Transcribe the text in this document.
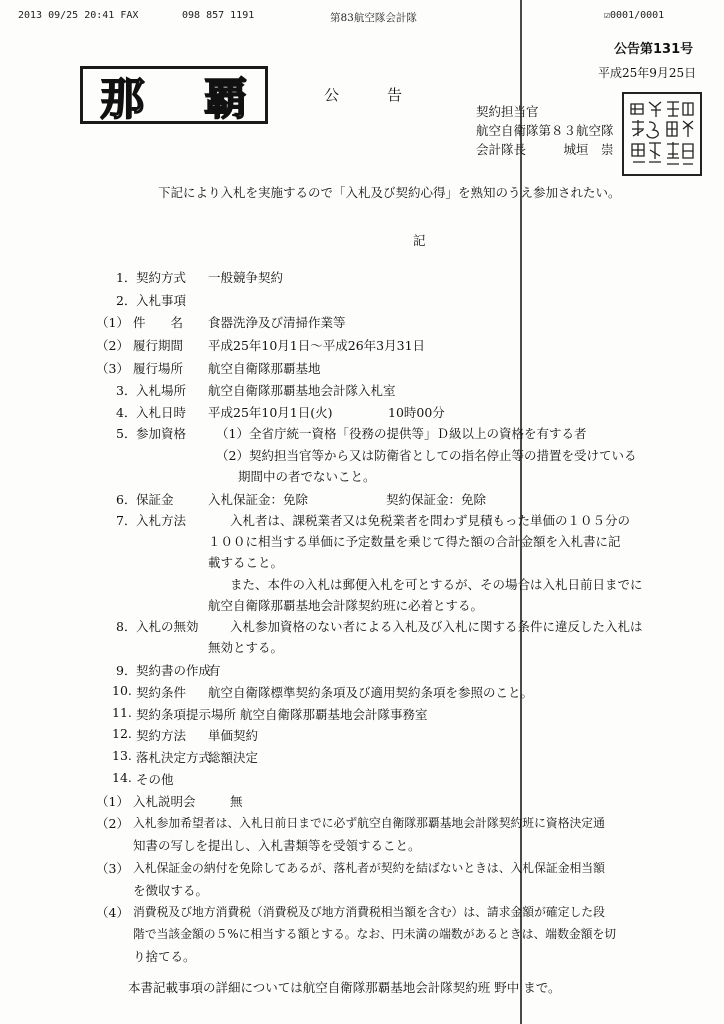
2013 09/25 20:41 FAX	098 857 1191	第83航空隊会計隊	☑0001/0001
公告第131号
平成25年9月25日
那 覇	公　　告
契約担当官
航空自衛隊第８３航空隊
会計隊長　　　城垣　崇
下記により入札を実施するので「入札及び契約心得」を熟知のうえ参加されたい。
記
1． 契約方式 一般競争契約
2． 入札事項
（1） 件　　名 食器洗浄及び清掃作業等
（2） 履行期間 平成25年10月1日～平成26年3月31日
（3） 履行場所 航空自衛隊那覇基地
3． 入札場所 航空自衛隊那覇基地会計隊入札室
4． 入札日時 平成25年10月1日(火)	10時00分
5． 参加資格 （1）全省庁統一資格「役務の提供等」Ｄ級以上の資格を有する者
（2）契約担当官等から又は防衛省としての指名停止等の措置を受けている
期間中の者でないこと。
6． 保証金	入札保証金：免除	契約保証金：免除
7． 入札方法	入札者は、課税業者又は免税業者を問わず見積もった単価の１０５分の
１００に相当する単価に予定数量を乗じて得た額の合計金額を入札書に記
載すること。
また、本件の入札は郵便入札を可とするが、その場合は入札日前日までに
航空自衛隊那覇基地会計隊契約班に必着とする。
8． 入札の無効	入札参加資格のない者による入札及び入札に関する条件に違反した入札は
無効とする。
9． 契約書の作成
有
10. 契約条件 航空自衛隊標準契約条項及び適用契約条項を参照のこと。
11. 契約条項提示場所 航空自衛隊那覇基地会計隊事務室
12. 契約方法 単価契約
13. 落札決定方式
総額決定
14. その他
（1） 入札説明会	無
（2） 入札参加希望者は、入札日前日までに必ず航空自衛隊那覇基地会計隊契約班に資格決定通
知書の写しを提出し、入札書類等を受領すること。
（3） 入札保証金の納付を免除してあるが、落札者が契約を結ばないときは、入札保証金相当額
を徴収する。
（4） 消費税及び地方消費税（消費税及び地方消費税相当額を含む）は、請求金額が確定した段
階で当該金額の５%に相当する額とする。なお、円未満の端数があるときは、端数金額を切
り捨てる。
本書記載事項の詳細については航空自衛隊那覇基地会計隊契約班 野中 まで。
